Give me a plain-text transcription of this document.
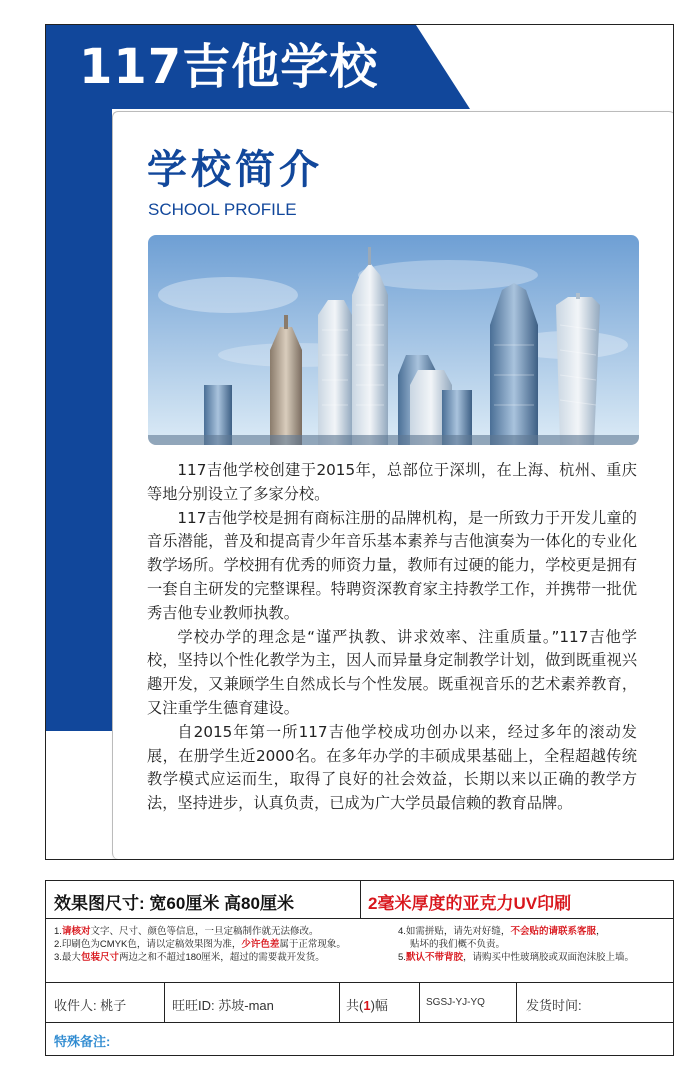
117吉他学校
学校简介
SCHOOL PROFILE

117吉他学校创建于2015年，总部位于深圳，在上海、杭州、重庆等地分别设立了多家分校。

117吉他学校是拥有商标注册的品牌机构，是一所致力于开发儿童的音乐潜能，普及和提高青少年音乐基本素养与吉他演奏为一体化的专业化教学场所。学校拥有优秀的师资力量，教师有过硬的能力，学校更是拥有一套自主研发的完整课程。特聘资深教育家主持教学工作，并携带一批优秀吉他专业教师执教。

学校办学的理念是“谨严执教、讲求效率、注重质量。”117吉他学校，坚持以个性化教学为主，因人而异量身定制教学计划，做到既重视兴趣开发，又兼顾学生自然成长与个性发展。既重视音乐的艺术素养教育，又注重学生德育建设。

自2015年第一所117吉他学校成功创办以来，经过多年的滚动发展，在册学生近2000名。在多年办学的丰硕成果基础上，全程超越传统教学模式应运而生，取得了良好的社会效益，长期以来以正确的教学方法，坚持进步，认真负责，已成为广大学员最信赖的教育品牌。

效果图尺寸: 宽60厘米 高80厘米	2毫米厚度的亚克力UV印刷
1.请核对文字、尺寸、颜色等信息，一旦定稿制作就无法修改。
2.印刷色为CMYK色，请以定稿效果图为准，少许色差属于正常现象。
3.最大包装尺寸两边之和不超过180厘米，超过的需要裁开发货。
4.如需拼贴，请先对好缝，不会贴的请联系客服，
贴坏的我们概不负责。
5.默认不带背胶，请购买中性玻璃胶或双面泡沫胶上墙。
收件人: 桃子	旺旺ID: 苏坡-man	共(1)幅	SGSJ-YJ-YQ	发货时间:
特殊备注:
